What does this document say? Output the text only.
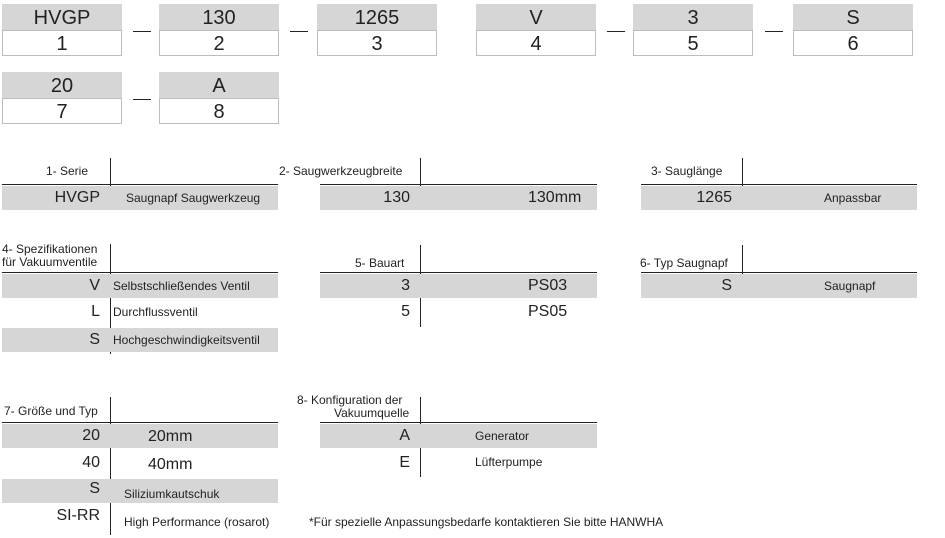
HVGP
1
130
2
1265
3
V
4
3
5
S
6
20
7
A
8
1- Serie
HVGP Saugnapf Saugwerkzeug
2- Saugwerkzeugbreite
130	130mm
3- Sauglänge
1265	Anpassbar
4- Spezifikationen
für Vakuumventile
V Selbstschließendes Ventil
L Durchflussventil
S Hochgeschwindigkeitsventil
5- Bauart
3	PS03
5	PS05
6- Typ Saugnapf
S	Saugnapf
7- Größe und Typ
20	20mm
40	40mm
S Siliziumkautschuk
SI-RR High Performance (rosarot)
8- Konfiguration der
Vakuumquelle
A	Generator
E	Lüfterpumpe
*Für spezielle Anpassungsbedarfe kontaktieren Sie bitte HANWHA
